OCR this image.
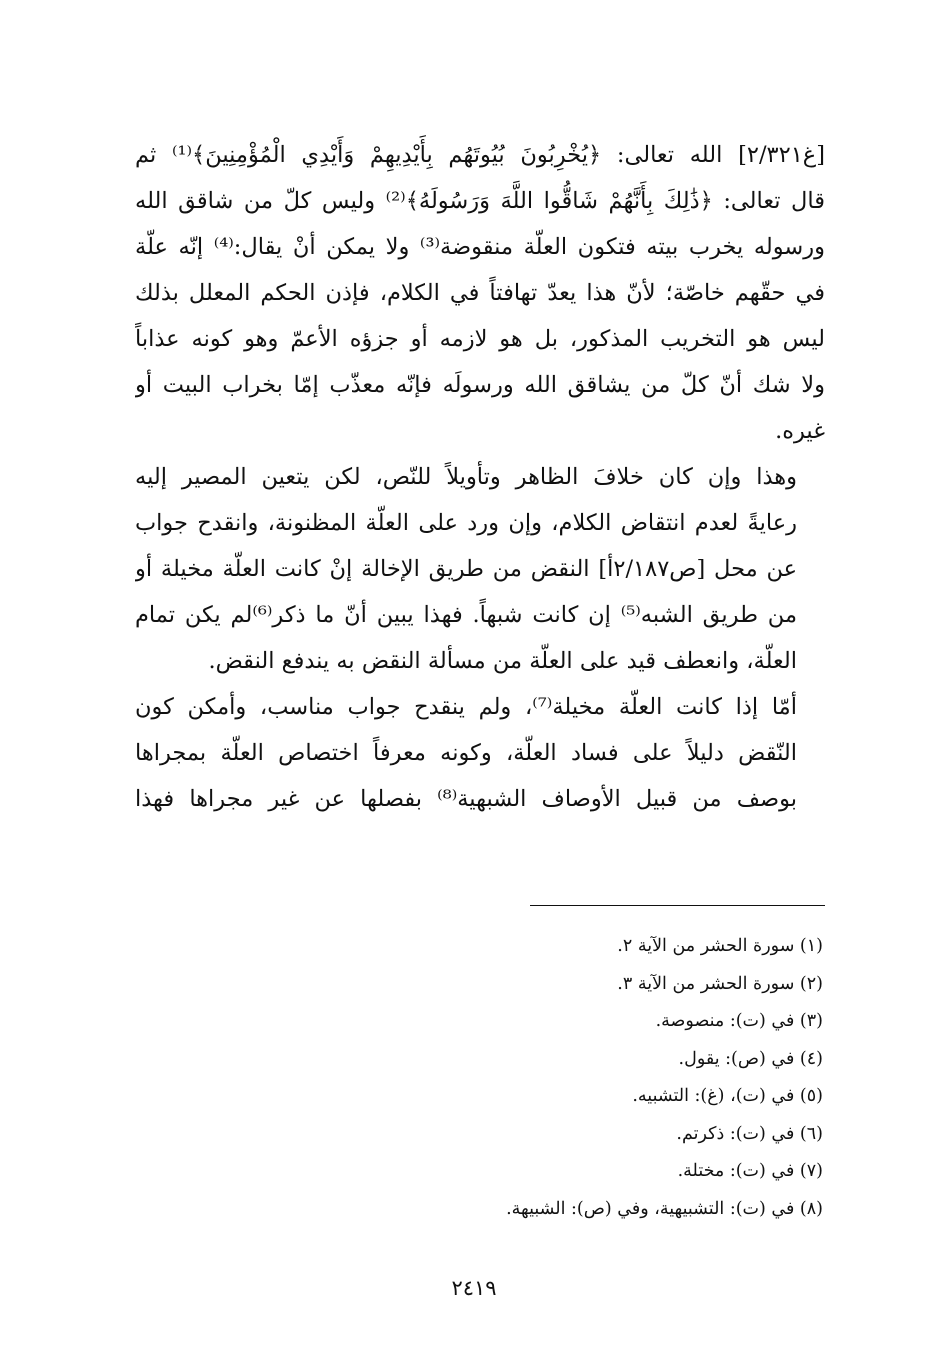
[غ٢/٣٢١] الله تعالى: ﴿يُخْرِبُونَ بُيُوتَهُم بِأَيْدِيهِمْ وَأَيْدِي الْمُؤْمِنِينَ﴾⁽¹⁾ ثم
قال تعالى: ﴿ذَٰلِكَ بِأَنَّهُمْ شَاقُّوا اللَّهَ وَرَسُولَهُ﴾⁽²⁾ وليس كلّ من شاقق الله
ورسوله يخرب بيته فتكون العلّة منقوضة⁽³⁾ ولا يمكن أنْ يقال:⁽⁴⁾ إنّه علّة
في حقّهم خاصّة؛ لأنّ هذا يعدّ تهافتاً في الكلام، فإذن الحكم المعلل بذلك
ليس هو التخريب المذكور، بل هو لازمه أو جزؤه الأعمّ وهو كونه عذاباً
ولا شك أنّ كلّ من يشاقق الله ورسولَه فإنّه معذّب إمّا بخراب البيت أو
غيره.

وهذا وإن كان خلافَ الظاهر وتأويلاً للنّص، لكن يتعين المصير إليه
رعايةً لعدم انتقاض الكلام، وإن ورد على العلّة المظنونة، وانقدح جواب
عن محل [ص٢/١٨٧أ] النقض من طريق الإخالة إنْ كانت العلّة مخيلة أو
من طريق الشبه⁽⁵⁾ إن كانت شبهاً. فهذا يبين أنّ ما ذكر⁽⁶⁾لم يكن تمام
العلّة، وانعطف قيد على العلّة من مسألة النقض به يندفع النقض.

أمّا إذا كانت العلّة مخيلة⁽⁷⁾، ولم ينقدح جواب مناسب، وأمكن كون
النّقض دليلاً على فساد العلّة، وكونه معرفاً اختصاص العلّة بمجراها
بوصف من قبيل الأوصاف الشبهية⁽⁸⁾ بفصلها عن غير مجراها فهذا

(١) سورة الحشر من الآية ٢.
(٢) سورة الحشر من الآية ٣.
(٣) في (ت): منصوصة.
(٤) في (ص): يقول.
(٥) في (ت)، (غ): التشبيه.
(٦) في (ت): ذكرتم.
(٧) في (ت): مختلة.
(٨) في (ت): التشبيهية، وفي (ص): الشبيهة.
٢٤١٩
